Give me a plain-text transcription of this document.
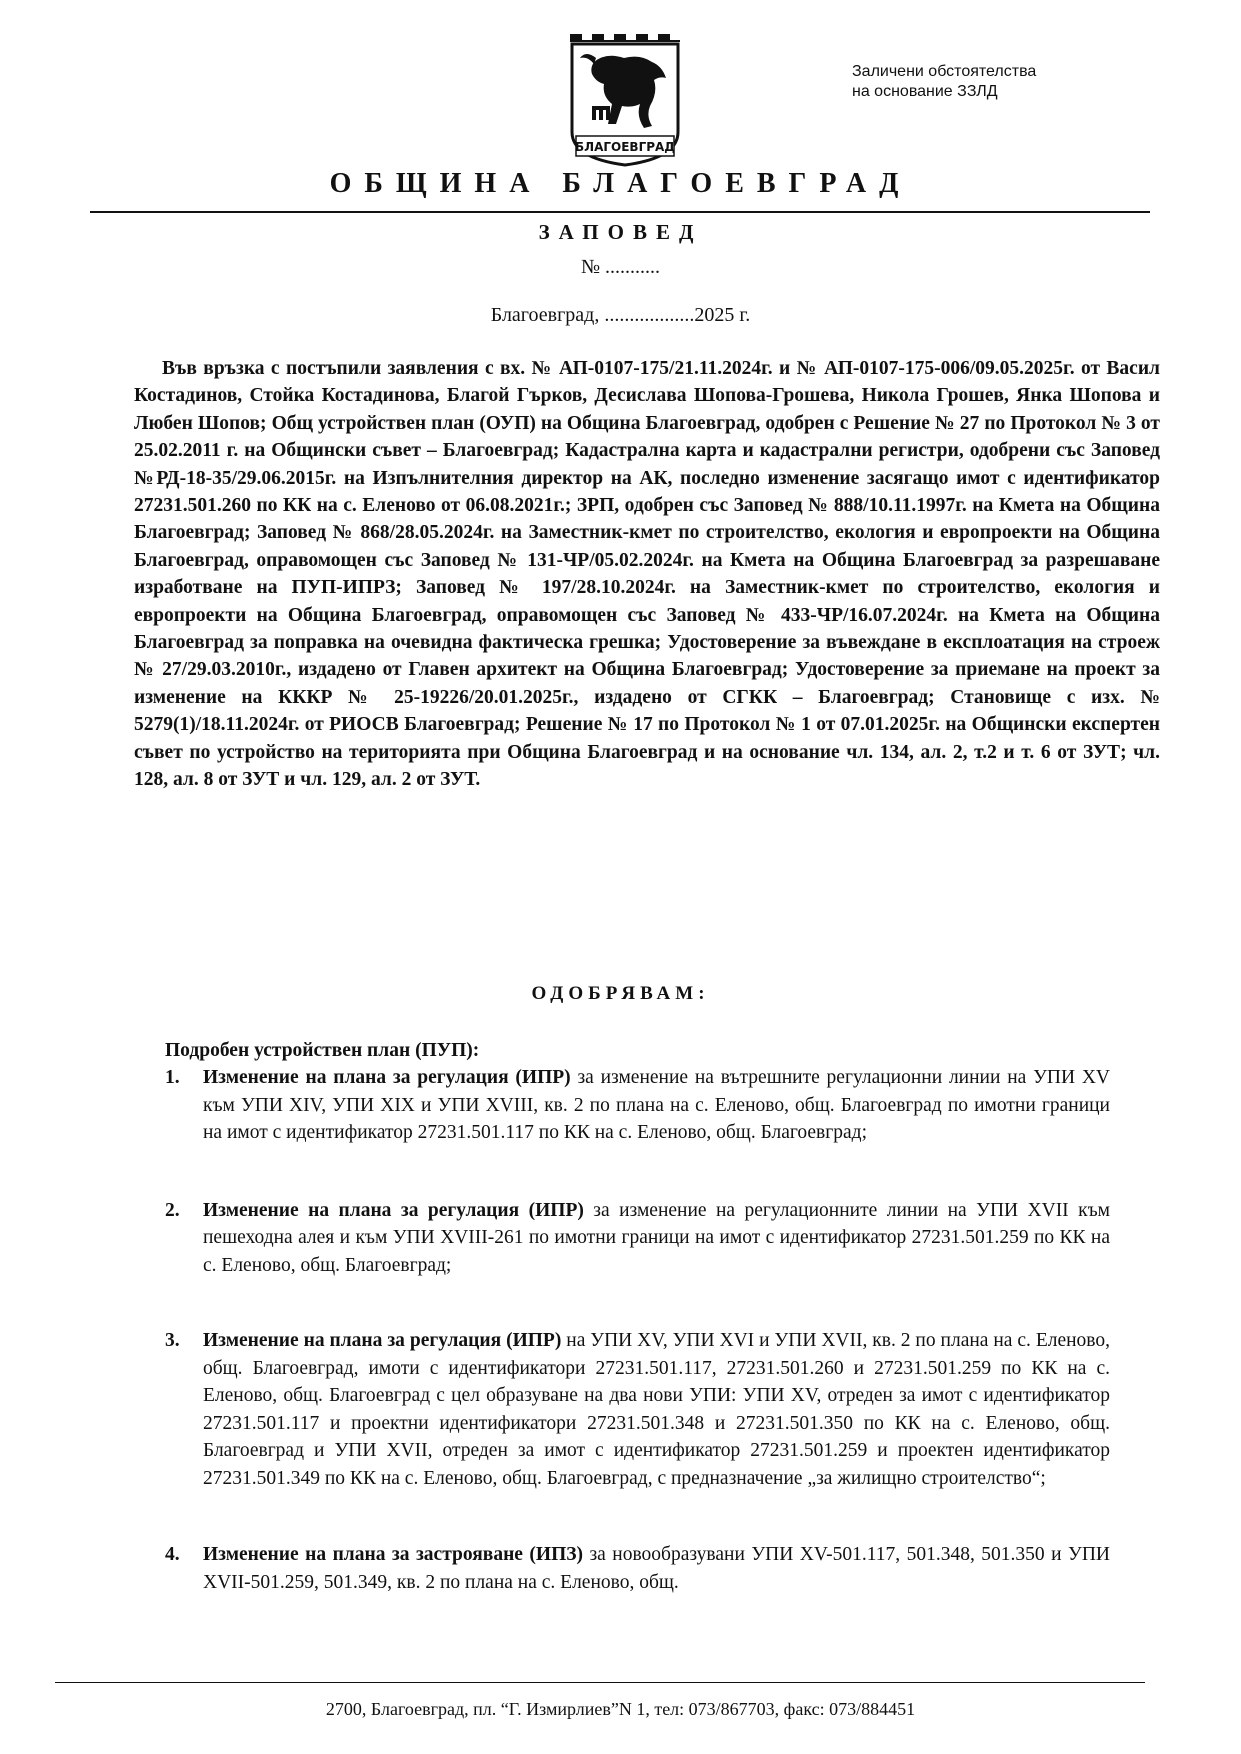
БЛАГОЕВГРАД
Заличени обстоятелства
на основание ЗЗЛД
ОБЩИНА БЛАГОЕВГРАД
ЗАПОВЕД
№ ...........
Благоевград, ..................
2025 г.
Във връзка с постъпили заявления с вх. № АП-0107-175/21.11.2024г. и № АП-0107-175-006/09.05.2025г. от Васил Костадинов, Стойка Костадинова, Благой Гърков, Десислава Шопова-Грошева, Никола Грошев, Янка Шопова и Любен Шопов; Общ устройствен план (ОУП) на Община Благоевград, одобрен с Решение № 27 по Протокол № 3 от 25.02.2011 г. на Общински съвет – Благоевград; Кадастрална карта и кадастрални регистри, одобрени със Заповед №РД-18-35/29.06.2015г. на Изпълнителния директор на АК, последно изменение засягащо имот с идентификатор 27231.501.260 по КК на с. Еленово от 06.08.2021г.; ЗРП, одобрен със Заповед № 888/10.11.1997г. на Кмета на Община Благоевград; Заповед № 868/28.05.2024г. на Заместник-кмет по строителство, екология и европроекти на Община Благоевград, оправомощен със Заповед № 131-ЧР/05.02.2024г. на Кмета на Община Благоевград за разрешаване изработване на ПУП-ИПРЗ; Заповед № 197/28.10.2024г. на Заместник-кмет по строителство, екология и европроекти на Община Благоевград, оправомощен със Заповед № 433-ЧР/16.07.2024г. на Кмета на Община Благоевград за поправка на очевидна фактическа грешка; Удостоверение за въвеждане в експлоатация на строеж № 27/29.03.2010г., издадено от Главен архитект на Община Благоевград; Удостоверение за приемане на проект за изменение на КККР № 25-19226/20.01.2025г., издадено от СГКК – Благоевград; Становище с изх. № 5279(1)/18.11.2024г. от РИОСВ Благоевград; Решение № 17 по Протокол № 1 от 07.01.2025г. на Общински експертен съвет по устройство на територията при Община Благоевград и на основание чл. 134, ал. 2, т.2 и т. 6 от ЗУТ; чл. 128, ал. 8 от ЗУТ и чл. 129, ал. 2 от ЗУТ.
ОДОБРЯВАМ:
Подробен устройствен план (ПУП):
1. Изменение на плана за регулация (ИПР) за изменение на вътрешните регулационни линии на УПИ XV към УПИ XIV, УПИ XIX и УПИ XVIII, кв. 2 по плана на с. Еленово, общ. Благоевград по имотни граници на имот с идентификатор 27231.501.117 по КК на с. Еленово, общ. Благоевград;
2. Изменение на плана за регулация (ИПР) за изменение на регулационните линии на УПИ XVII към пешеходна алея и към УПИ XVIII-261 по имотни граници на имот с идентификатор 27231.501.259 по КК на с. Еленово, общ. Благоевград;
3. Изменение на плана за регулация (ИПР) на УПИ XV, УПИ XVI и УПИ XVII, кв. 2 по плана на с. Еленово, общ. Благоевград, имоти с идентификатори 27231.501.117, 27231.501.260 и 27231.501.259 по КК на с. Еленово, общ. Благоевград с цел образуване на два нови УПИ: УПИ XV, отреден за имот с идентификатор 27231.501.117 и проектни идентификатори 27231.501.348 и 27231.501.350 по КК на с. Еленово, общ. Благоевград и УПИ XVII, отреден за имот с идентификатор 27231.501.259 и проектен идентификатор 27231.501.349 по КК на с. Еленово, общ. Благоевград, с предназначение „за жилищно строителство“;
4. Изменение на плана за застрояване (ИПЗ) за новообразувани УПИ XV-501.117, 501.348, 501.350 и УПИ XVII-501.259, 501.349, кв. 2 по плана на с. Еленово, общ.
2700, Благоевград, пл. “Г. Измирлиев”N 1, тел: 073/867703, факс: 073/884451
